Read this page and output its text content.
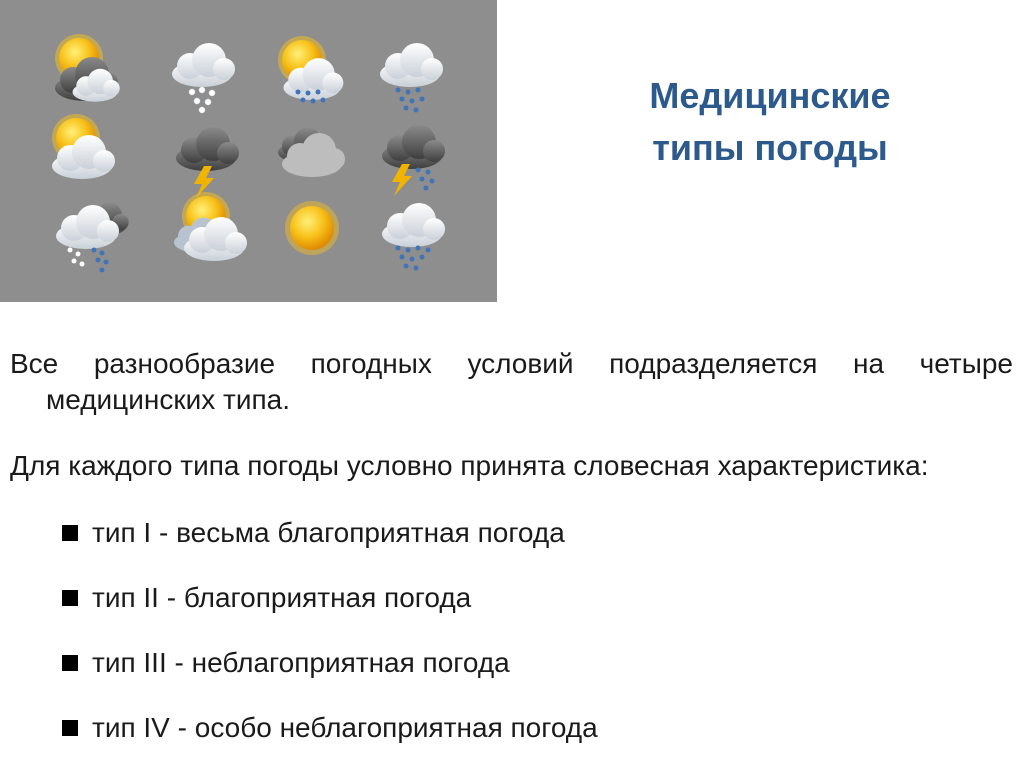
Медицинские
типы погоды

Все разнообразие погодных условий подразделяется на четыре медицинских типа.

Для каждого типа погоды условно принята словесная характеристика:

тип I - весьма благоприятная погода
тип II - благоприятная погода
тип III - неблагоприятная погода
тип IV - особо неблагоприятная погода
